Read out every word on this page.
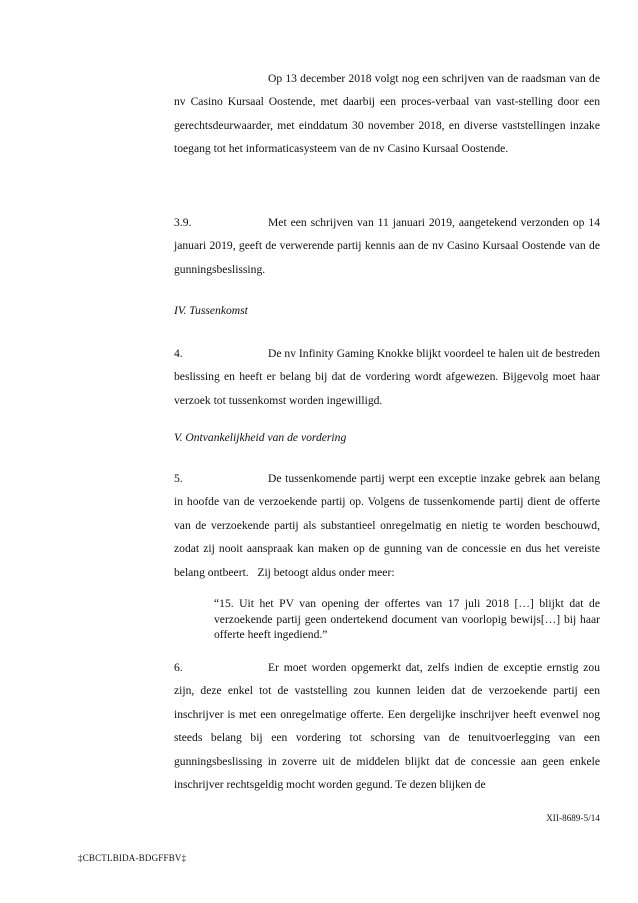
Op 13 december 2018 volgt nog een schrijven van de raadsman van de nv Casino Kursaal Oostende, met daarbij een proces-verbaal van vast-stelling door een gerechtsdeurwaarder, met einddatum 30 november 2018, en diverse vaststellingen inzake toegang tot het informaticasysteem van de nv Casino Kursaal Oostende.
3.9.	Met een schrijven van 11 januari 2019, aangetekend verzonden op 14 januari 2019, geeft de verwerende partij kennis aan de nv Casino Kursaal Oostende van de gunningsbeslissing.
IV. Tussenkomst
4.	De nv Infinity Gaming Knokke blijkt voordeel te halen uit de bestreden beslissing en heeft er belang bij dat de vordering wordt afgewezen. Bijgevolg moet haar verzoek tot tussenkomst worden ingewilligd.
V. Ontvankelijkheid van de vordering
5.	De tussenkomende partij werpt een exceptie inzake gebrek aan belang in hoofde van de verzoekende partij op. Volgens de tussenkomende partij dient de offerte van de verzoekende partij als substantieel onregelmatig en nietig te worden beschouwd, zodat zij nooit aanspraak kan maken op de gunning van de concessie en dus het vereiste belang ontbeert.   Zij betoogt aldus onder meer:
“15. Uit het PV van opening der offertes van 17 juli 2018 […] blijkt dat de verzoekende partij geen ondertekend document van voorlopig bewijs[…] bij haar offerte heeft ingediend.”
6.	Er moet worden opgemerkt dat, zelfs indien de exceptie ernstig zou zijn, deze enkel tot de vaststelling zou kunnen leiden dat de verzoekende partij een inschrijver is met een onregelmatige offerte. Een dergelijke inschrijver heeft evenwel nog steeds belang bij een vordering tot schorsing van de tenuitvoerlegging van een gunningsbeslissing in zoverre uit de middelen blijkt dat de concessie aan geen enkele inschrijver rechtsgeldig mocht worden gegund. Te dezen blijken de
XII-8689-5/14
‡CBCTLBIDA-BDGFFBV‡
